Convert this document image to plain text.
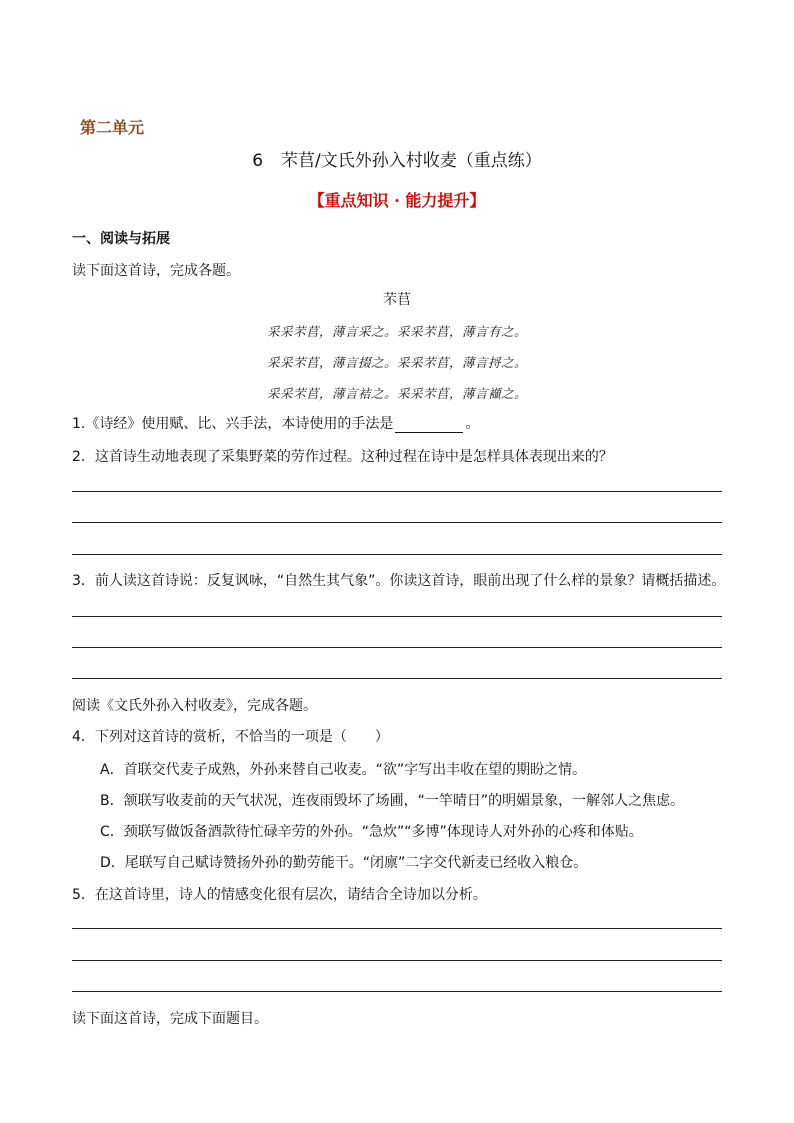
第二单元
6 芣苢/文氏外孙入村收麦（重点练）
【重点知识 · 能力提升】
一、阅读与拓展
读下面这首诗，完成各题。
芣苢
采采芣苢，薄言采之。采采芣苢，薄言有之。
采采芣苢，薄言掇之。采采芣苢，薄言捋之。
采采芣苢，薄言袺之。采采芣苢，薄言襭之。
1.《诗经》使用赋、比、兴手法，本诗使用的手法是	。
2．这首诗生动地表现了采集野菜的劳作过程。这种过程在诗中是怎样具体表现出来的？
3．前人读这首诗说：反复讽咏，“自然生其气象”。你读这首诗，眼前出现了什么样的景象？请概括描述。
阅读《文氏外孙入村收麦》，完成各题。
4．下列对这首诗的赏析，不恰当的一项是（　　）
A．首联交代麦子成熟，外孙来替自己收麦。“欲”字写出丰收在望的期盼之情。
B．颔联写收麦前的天气状况，连夜雨毁坏了场圃，“一竿晴日”的明媚景象，一解邻人之焦虑。
C．颈联写做饭备酒款待忙碌辛劳的外孙。“急炊”“多博”体现诗人对外孙的心疼和体贴。
D．尾联写自己赋诗赞扬外孙的勤劳能干。“闭廪”二字交代新麦已经收入粮仓。
5．在这首诗里，诗人的情感变化很有层次，请结合全诗加以分析。
读下面这首诗，完成下面题目。
